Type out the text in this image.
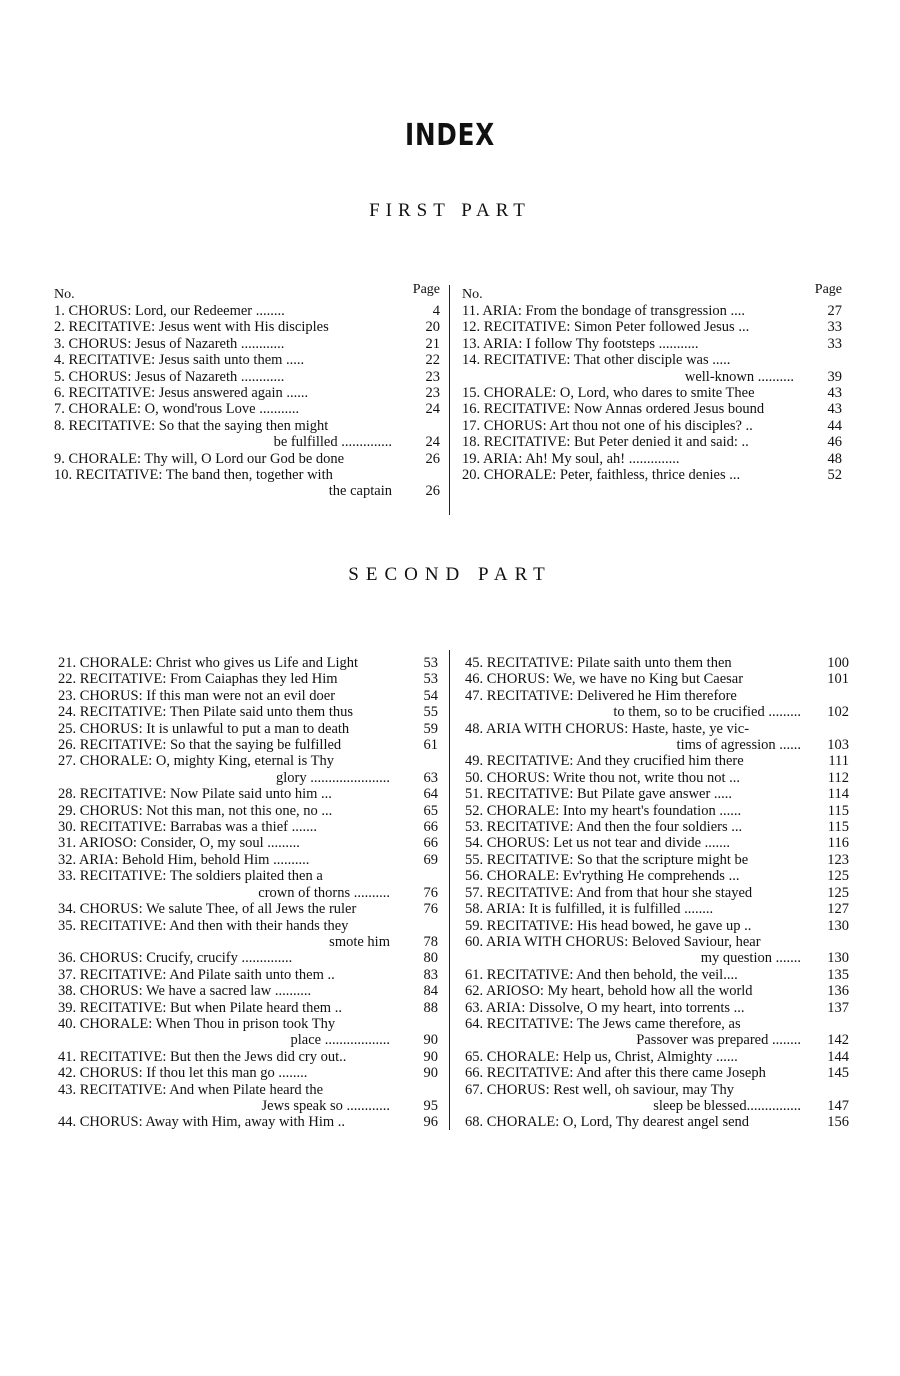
INDEX
FIRST PART
SECOND PART
No.	Page
1. CHORUS: Lord, our Redeemer ........	4
2. RECITATIVE: Jesus went with His disciples	20
3. CHORUS: Jesus of Nazareth ............	21
4. RECITATIVE: Jesus saith unto them .....	22
5. CHORUS: Jesus of Nazareth ............	23
6. RECITATIVE: Jesus answered again ......	23
7. CHORALE: O, wond'rous Love ...........	24
8. RECITATIVE: So that the saying then might
be fulfilled ..............	24
9. CHORALE: Thy will, O Lord our God be done	26
10. RECITATIVE: The band then, together with
the captain	26
No.	Page
11. ARIA: From the bondage of transgression ....	27
12. RECITATIVE: Simon Peter followed Jesus ...	33
13. ARIA: I follow Thy footsteps ...........	33
14. RECITATIVE: That other disciple was .....
well-known ..........	39
15. CHORALE: O, Lord, who dares to smite Thee	43
16. RECITATIVE: Now Annas ordered Jesus bound	43
17. CHORUS: Art thou not one of his disciples? ..	44
18. RECITATIVE: But Peter denied it and said: ..	46
19. ARIA: Ah! My soul, ah! ..............	48
20. CHORALE: Peter, faithless, thrice denies ...	52
21. CHORALE: Christ who gives us Life and Light	53
22. RECITATIVE: From Caiaphas they led Him	53
23. CHORUS: If this man were not an evil doer	54
24. RECITATIVE: Then Pilate said unto them thus	55
25. CHORUS: It is unlawful to put a man to death	59
26. RECITATIVE: So that the saying be fulfilled	61
27. CHORALE: O, mighty King, eternal is Thy
glory ......................	63
28. RECITATIVE: Now Pilate said unto him ...	64
29. CHORUS: Not this man, not this one, no ...	65
30. RECITATIVE: Barrabas was a thief .......	66
31. ARIOSO: Consider, O, my soul .........	66
32. ARIA: Behold Him, behold Him ..........	69
33. RECITATIVE: The soldiers plaited then a
crown of thorns ..........	76
34. CHORUS: We salute Thee, of all Jews the ruler	76
35. RECITATIVE: And then with their hands they
smote him	78
36. CHORUS: Crucify, crucify ..............	80
37. RECITATIVE: And Pilate saith unto them ..	83
38. CHORUS: We have a sacred law ..........	84
39. RECITATIVE: But when Pilate heard them ..	88
40. CHORALE: When Thou in prison took Thy
place ..................	90
41. RECITATIVE: But then the Jews did cry out..	90
42. CHORUS: If thou let this man go ........	90
43. RECITATIVE: And when Pilate heard the
Jews speak so ............	95
44. CHORUS: Away with Him, away with Him ..	96
45. RECITATIVE: Pilate saith unto them then	100
46. CHORUS: We, we have no King but Caesar	101
47. RECITATIVE: Delivered he Him therefore
to them, so to be crucified .........	102
48. ARIA WITH CHORUS: Haste, haste, ye vic-
tims of agression ......	103
49. RECITATIVE: And they crucified him there	111
50. CHORUS: Write thou not, write thou not ...	112
51. RECITATIVE: But Pilate gave answer .....	114
52. CHORALE: Into my heart's foundation ......	115
53. RECITATIVE: And then the four soldiers ...	115
54. CHORUS: Let us not tear and divide .......	116
55. RECITATIVE: So that the scripture might be	123
56. CHORALE: Ev'rything He comprehends ...	125
57. RECITATIVE: And from that hour she stayed	125
58. ARIA: It is fulfilled, it is fulfilled ........	127
59. RECITATIVE: His head bowed, he gave up ..	130
60. ARIA WITH CHORUS: Beloved Saviour, hear
my question .......	130
61. RECITATIVE: And then behold, the veil....	135
62. ARIOSO: My heart, behold how all the world	136
63. ARIA: Dissolve, O my heart, into torrents ...	137
64. RECITATIVE: The Jews came therefore, as
Passover was prepared ........	142
65. CHORALE: Help us, Christ, Almighty ......	144
66. RECITATIVE: And after this there came Joseph	145
67. CHORUS: Rest well, oh saviour, may Thy
sleep be blessed...............	147
68. CHORALE: O, Lord, Thy dearest angel send	156
